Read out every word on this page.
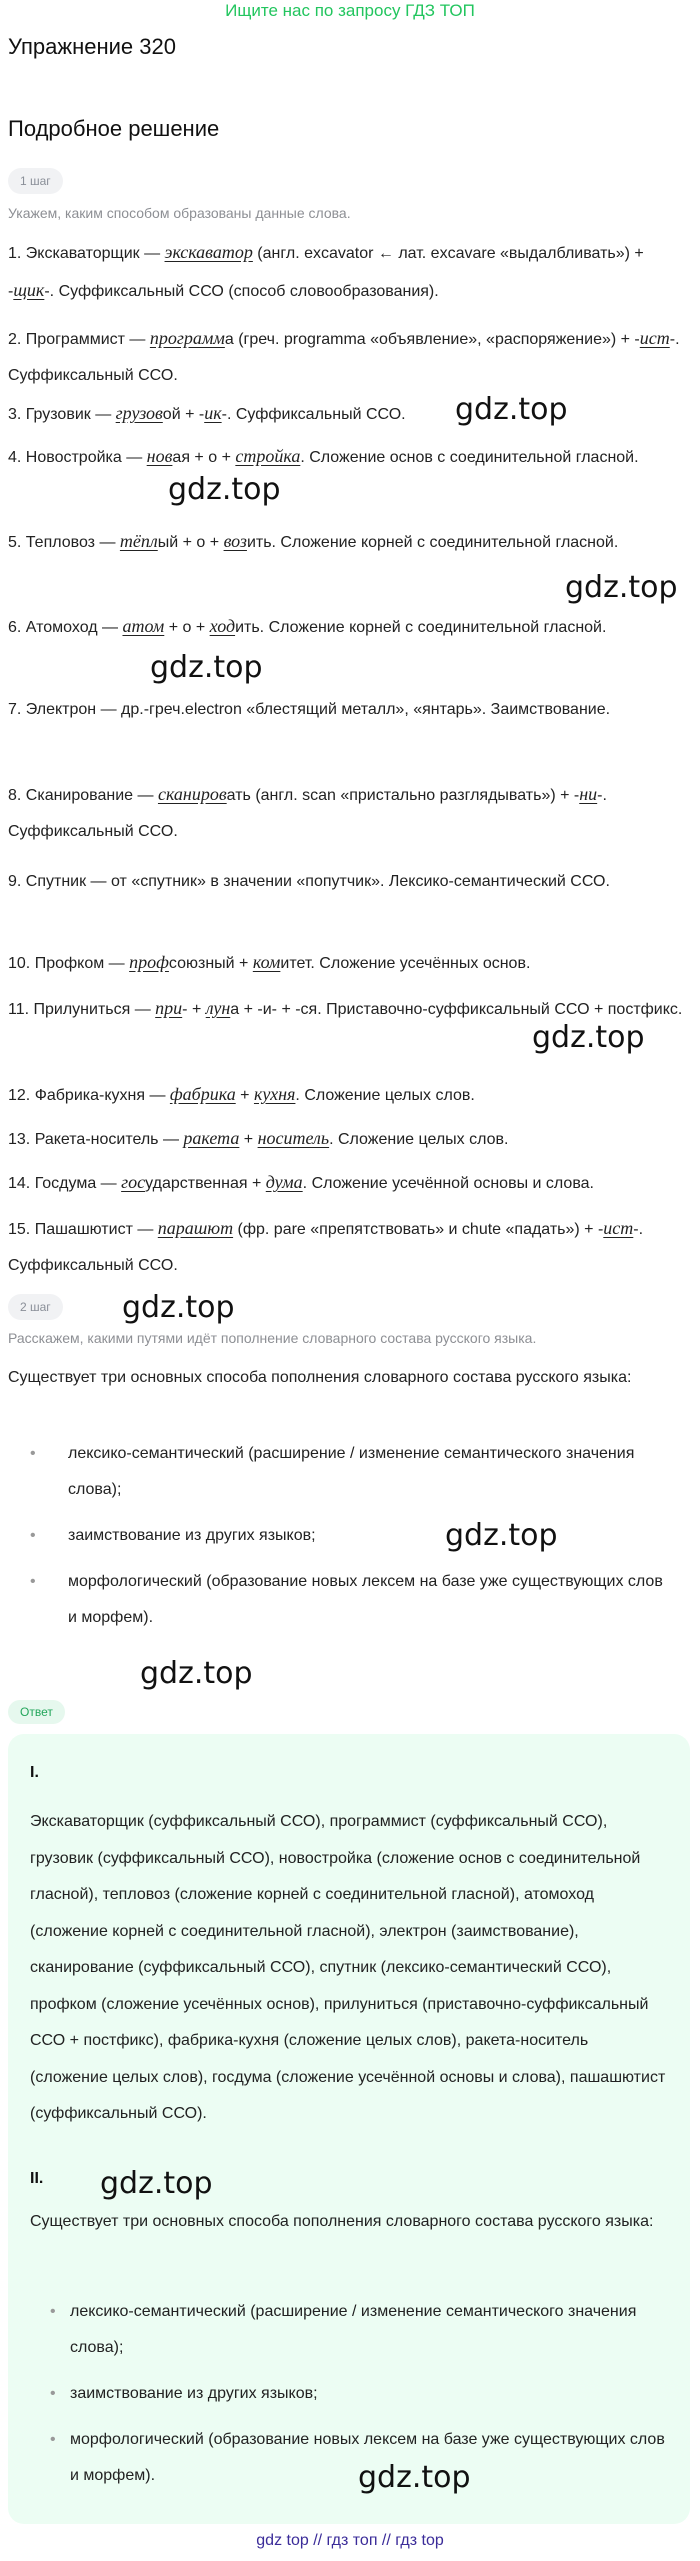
Ищите нас по запросу ГДЗ ТОП
Упражнение 320
Подробное решение
1 шаг
Укажем, каким способом образованы данные слова.
1. Экскаваторщик — экскаватор (англ. excavator ← лат. excavare «выдалбливать») + -щик-. Суффиксальный ССО (способ словообразования).
2. Программист — программа (греч. programma «объявление», «распоряжение») + -ист-. Суффиксальный ССО.
3. Грузовик — грузовой + -ик-. Суффиксальный ССО.
4. Новостройка — новая + о + стройка. Сложение основ с соединительной гласной.
5. Тепловоз — тёплый + о + возить. Сложение корней с соединительной гласной.
6. Атомоход — атом + о + ходить. Сложение корней с соединительной гласной.
7. Электрон — др.-греч.electron «блестящий металл», «янтарь». Заимствование.
8. Сканирование — сканировать (англ. scan «пристально разглядывать») + -ни-. Суффиксальный ССО.
9. Спутник — от «спутник» в значении «попутчик». Лексико-семантический ССО.
10. Профком — профсоюзный + комитет. Сложение усечённых основ.
11. Прилуниться — при- + луна + -и- + -ся. Приставочно-суффиксальный ССО + постфикс.
12. Фабрика-кухня — фабрика + кухня. Сложение целых слов.
13. Ракета-носитель — ракета + носитель. Сложение целых слов.
14. Госдума — государственная + дума. Сложение усечённой основы и слова.
15. Пашашютист — парашют (фр. pare «препятствовать» и chute «падать») + -ист-. Суффиксальный ССО.
2 шаг
Расскажем, какими путями идёт пополнение словарного состава русского языка.
Существует три основных способа пополнения словарного состава русского языка:
• лексико-семантический (расширение / изменение семантического значения слова);
• заимствование из других языков;
• морфологический (образование новых лексем на базе уже существующих слов и морфем).
Ответ
I.
Экскаваторщик (суффиксальный ССО), программист (суффиксальный ССО), грузовик (суффиксальный ССО), новостройка (сложение основ с соединительной гласной), тепловоз (сложение корней с соединительной гласной), атомоход (сложение корней с соединительной гласной), электрон (заимствование), сканирование (суффиксальный ССО), спутник (лексико-семантический ССО), профком (сложение усечённых основ), прилуниться (приставочно-суффиксальный ССО + постфикс), фабрика-кухня (сложение целых слов), ракета-носитель (сложение целых слов), госдума (сложение усечённой основы и слова), пашашютист (суффиксальный ССО).
II.
Существует три основных способа пополнения словарного состава русского языка:
• лексико-семантический (расширение / изменение семантического значения слова);
• заимствование из других языков;
• морфологический (образование новых лексем на базе уже существующих слов и морфем).
gdz.top
gdz.top
gdz.top
gdz.top
gdz.top
gdz.top
gdz.top
gdz.top
gdz.top
gdz.top
gdz top // гдз топ // гдз top
